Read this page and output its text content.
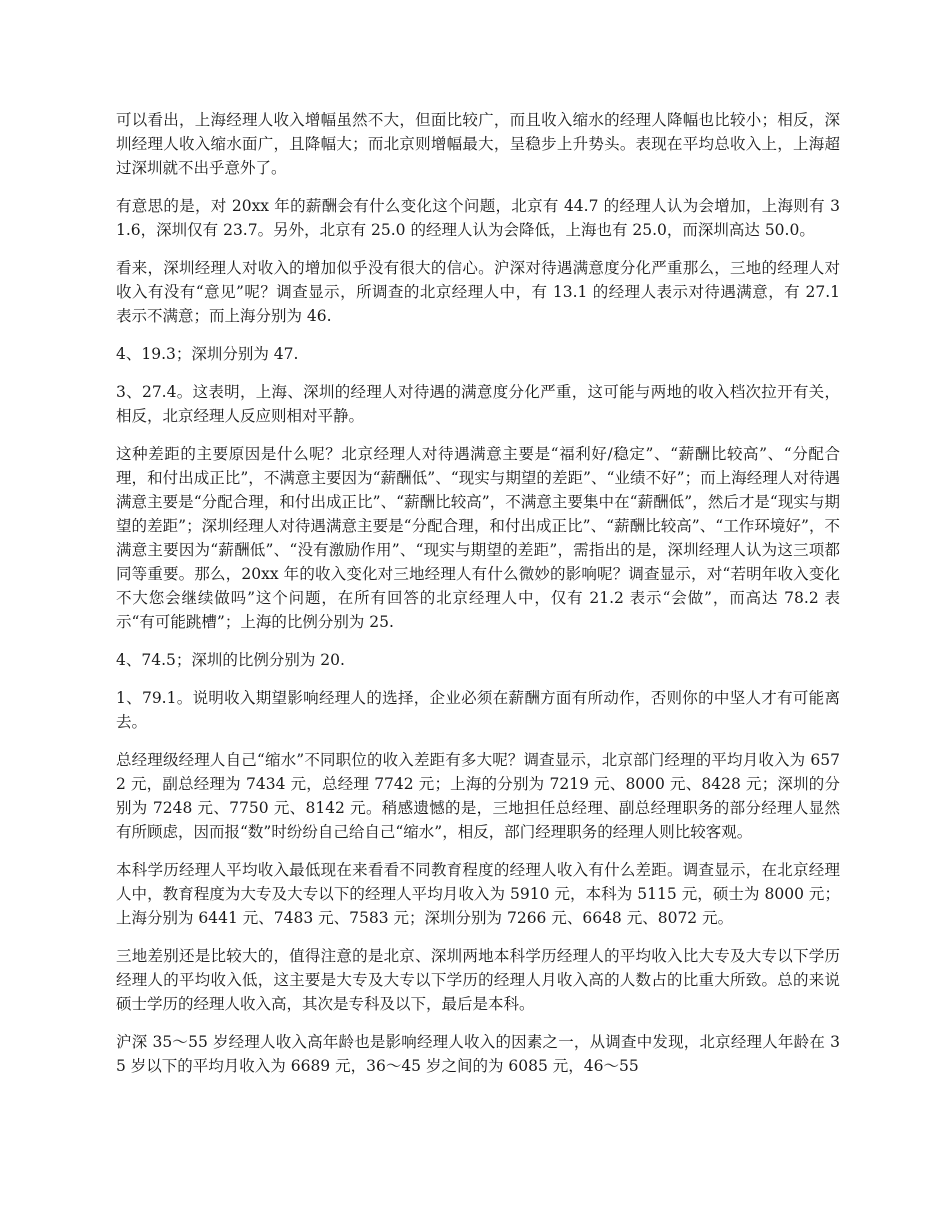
可以看出，上海经理人收入增幅虽然不大，但面比较广，而且收入缩水的经理人降幅也比较小；相反，深圳经理人收入缩水面广，且降幅大；而北京则增幅最大，呈稳步上升势头。表现在平均总收入上，上海超过深圳就不出乎意外了。

有意思的是，对 20xx 年的薪酬会有什么变化这个问题，北京有 44.7 的经理人认为会增加，上海则有 31.6，深圳仅有 23.7。另外，北京有 25.0 的经理人认为会降低，上海也有 25.0，而深圳高达 50.0。

看来，深圳经理人对收入的增加似乎没有很大的信心。沪深对待遇满意度分化严重那么，三地的经理人对收入有没有“意见”呢？调查显示，所调查的北京经理人中，有 13.1 的经理人表示对待遇满意，有 27.1 表示不满意；而上海分别为 46.

4、19.3；深圳分别为 47.

3、27.4。这表明，上海、深圳的经理人对待遇的满意度分化严重，这可能与两地的收入档次拉开有关，相反，北京经理人反应则相对平静。

这种差距的主要原因是什么呢？北京经理人对待遇满意主要是“福利好/稳定”、“薪酬比较高”、“分配合理，和付出成正比”，不满意主要因为“薪酬低”、“现实与期望的差距”、“业绩不好”；而上海经理人对待遇满意主要是“分配合理，和付出成正比”、“薪酬比较高”，不满意主要集中在“薪酬低”，然后才是“现实与期望的差距”；深圳经理人对待遇满意主要是“分配合理，和付出成正比”、“薪酬比较高”、“工作环境好”，不满意主要因为“薪酬低”、“没有激励作用”、“现实与期望的差距”，需指出的是，深圳经理人认为这三项都同等重要。那么，20xx 年的收入变化对三地经理人有什么微妙的影响呢？调查显示，对“若明年收入变化不大您会继续做吗”这个问题，在所有回答的北京经理人中，仅有 21.2 表示“会做”，而高达 78.2 表示“有可能跳槽”；上海的比例分别为 25.

4、74.5；深圳的比例分别为 20.

1、79.1。说明收入期望影响经理人的选择，企业必须在薪酬方面有所动作，否则你的中坚人才有可能离去。

总经理级经理人自己“缩水”不同职位的收入差距有多大呢？调查显示，北京部门经理的平均月收入为 6572 元，副总经理为 7434 元，总经理 7742 元；上海的分别为 7219 元、8000 元、8428 元；深圳的分别为 7248 元、7750 元、8142 元。稍感遗憾的是，三地担任总经理、副总经理职务的部分经理人显然有所顾虑，因而报“数”时纷纷自己给自己“缩水”，相反，部门经理职务的经理人则比较客观。

本科学历经理人平均收入最低现在来看看不同教育程度的经理人收入有什么差距。调查显示，在北京经理人中，教育程度为大专及大专以下的经理人平均月收入为 5910 元，本科为 5115 元，硕士为 8000 元；上海分别为 6441 元、7483 元、7583 元；深圳分别为 7266 元、6648 元、8072 元。

三地差别还是比较大的，值得注意的是北京、深圳两地本科学历经理人的平均收入比大专及大专以下学历经理人的平均收入低，这主要是大专及大专以下学历的经理人月收入高的人数占的比重大所致。总的来说硕士学历的经理人收入高，其次是专科及以下，最后是本科。

沪深 35～55 岁经理人收入高年龄也是影响经理人收入的因素之一，从调查中发现，北京经理人年龄在 35 岁以下的平均月收入为 6689 元，36～45 岁之间的为 6085 元，46～55
